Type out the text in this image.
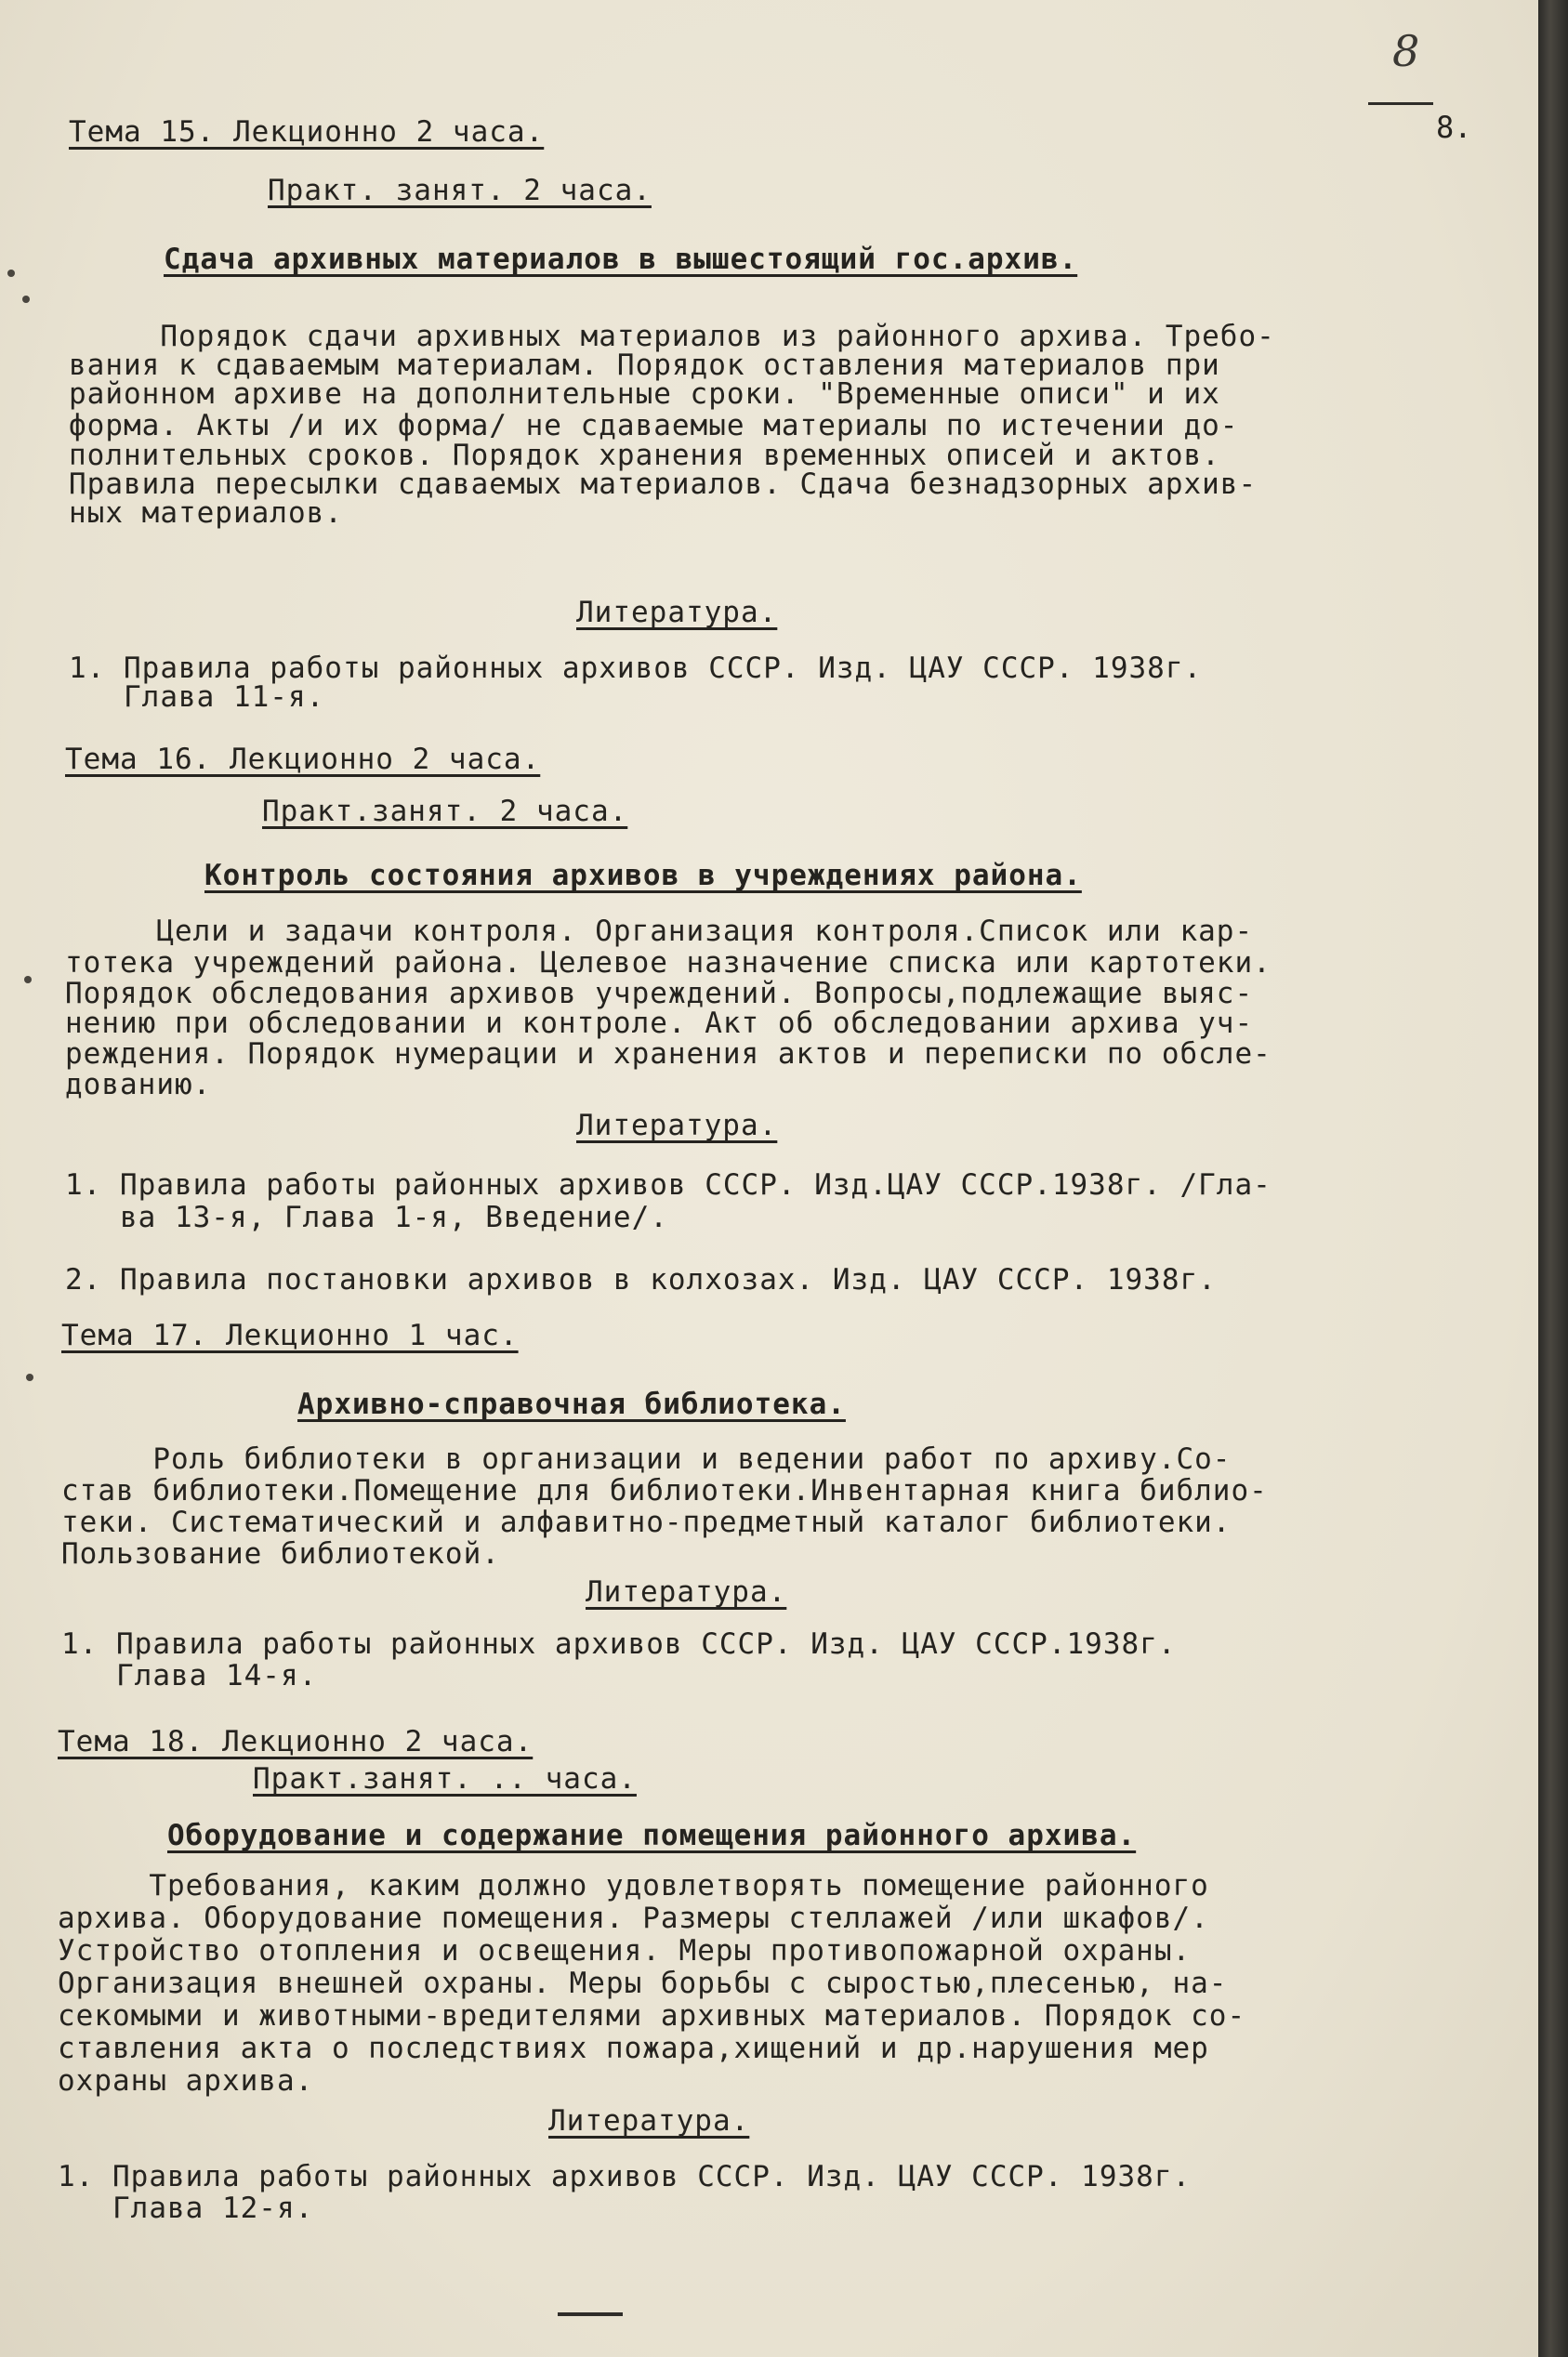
8
8.
Тема 15. Лекционно 2 часа.
Практ. занят. 2 часа.
Сдача архивных материалов в вышестоящий гос.архив.
Порядок сдачи архивных материалов из районного архива. Требо-
вания к сдаваемым материалам. Порядок оставления материалов при
районном архиве на дополнительные сроки. "Временные описи" и их
форма. Акты /и их форма/ не сдаваемые материалы по истечении до-
полнительных сроков. Порядок хранения временных описей и актов.
Правила пересылки сдаваемых материалов. Сдача безнадзорных архив-
ных материалов.
Литература.
1. Правила работы районных архивов СССР. Изд. ЦАУ СССР. 1938г.
Глава 11-я.
Тема 16. Лекционно 2 часа.
Практ.занят. 2 часа.
Контроль состояния архивов в учреждениях района.
Цели и задачи контроля. Организация контроля.Список или кар-
тотека учреждений района. Целевое назначение списка или картотеки.
Порядок обследования архивов учреждений. Вопросы,подлежащие выяс-
нению при обследовании и контроле. Акт об обследовании архива уч-
реждения. Порядок нумерации и хранения актов и переписки по обсле-
дованию.
Литература.
1. Правила работы районных архивов СССР. Изд.ЦАУ СССР.1938г. /Гла-
ва 13-я, Глава 1-я, Введение/.
2. Правила постановки архивов в колхозах. Изд. ЦАУ СССР. 1938г.
Тема 17. Лекционно 1 час.
Архивно-справочная библиотека.
Роль библиотеки в организации и ведении работ по архиву.Со-
став библиотеки.Помещение для библиотеки.Инвентарная книга библио-
теки. Систематический и алфавитно-предметный каталог библиотеки.
Пользование библиотекой.
Литература.
1. Правила работы районных архивов СССР. Изд. ЦАУ СССР.1938г.
Глава 14-я.
Тема 18. Лекционно 2 часа.
Практ.занят. .. часа.
Оборудование и содержание помещения районного архива.
Требования, каким должно удовлетворять помещение районного
архива. Оборудование помещения. Размеры стеллажей /или шкафов/.
Устройство отопления и освещения. Меры противопожарной охраны.
Организация внешней охраны. Меры борьбы с сыростью,плесенью, на-
секомыми и животными-вредителями архивных материалов. Порядок со-
ставления акта о последствиях пожара,хищений и др.нарушения мер
охраны архива.
Литература.
1. Правила работы районных архивов СССР. Изд. ЦАУ СССР. 1938г.
Глава 12-я.
